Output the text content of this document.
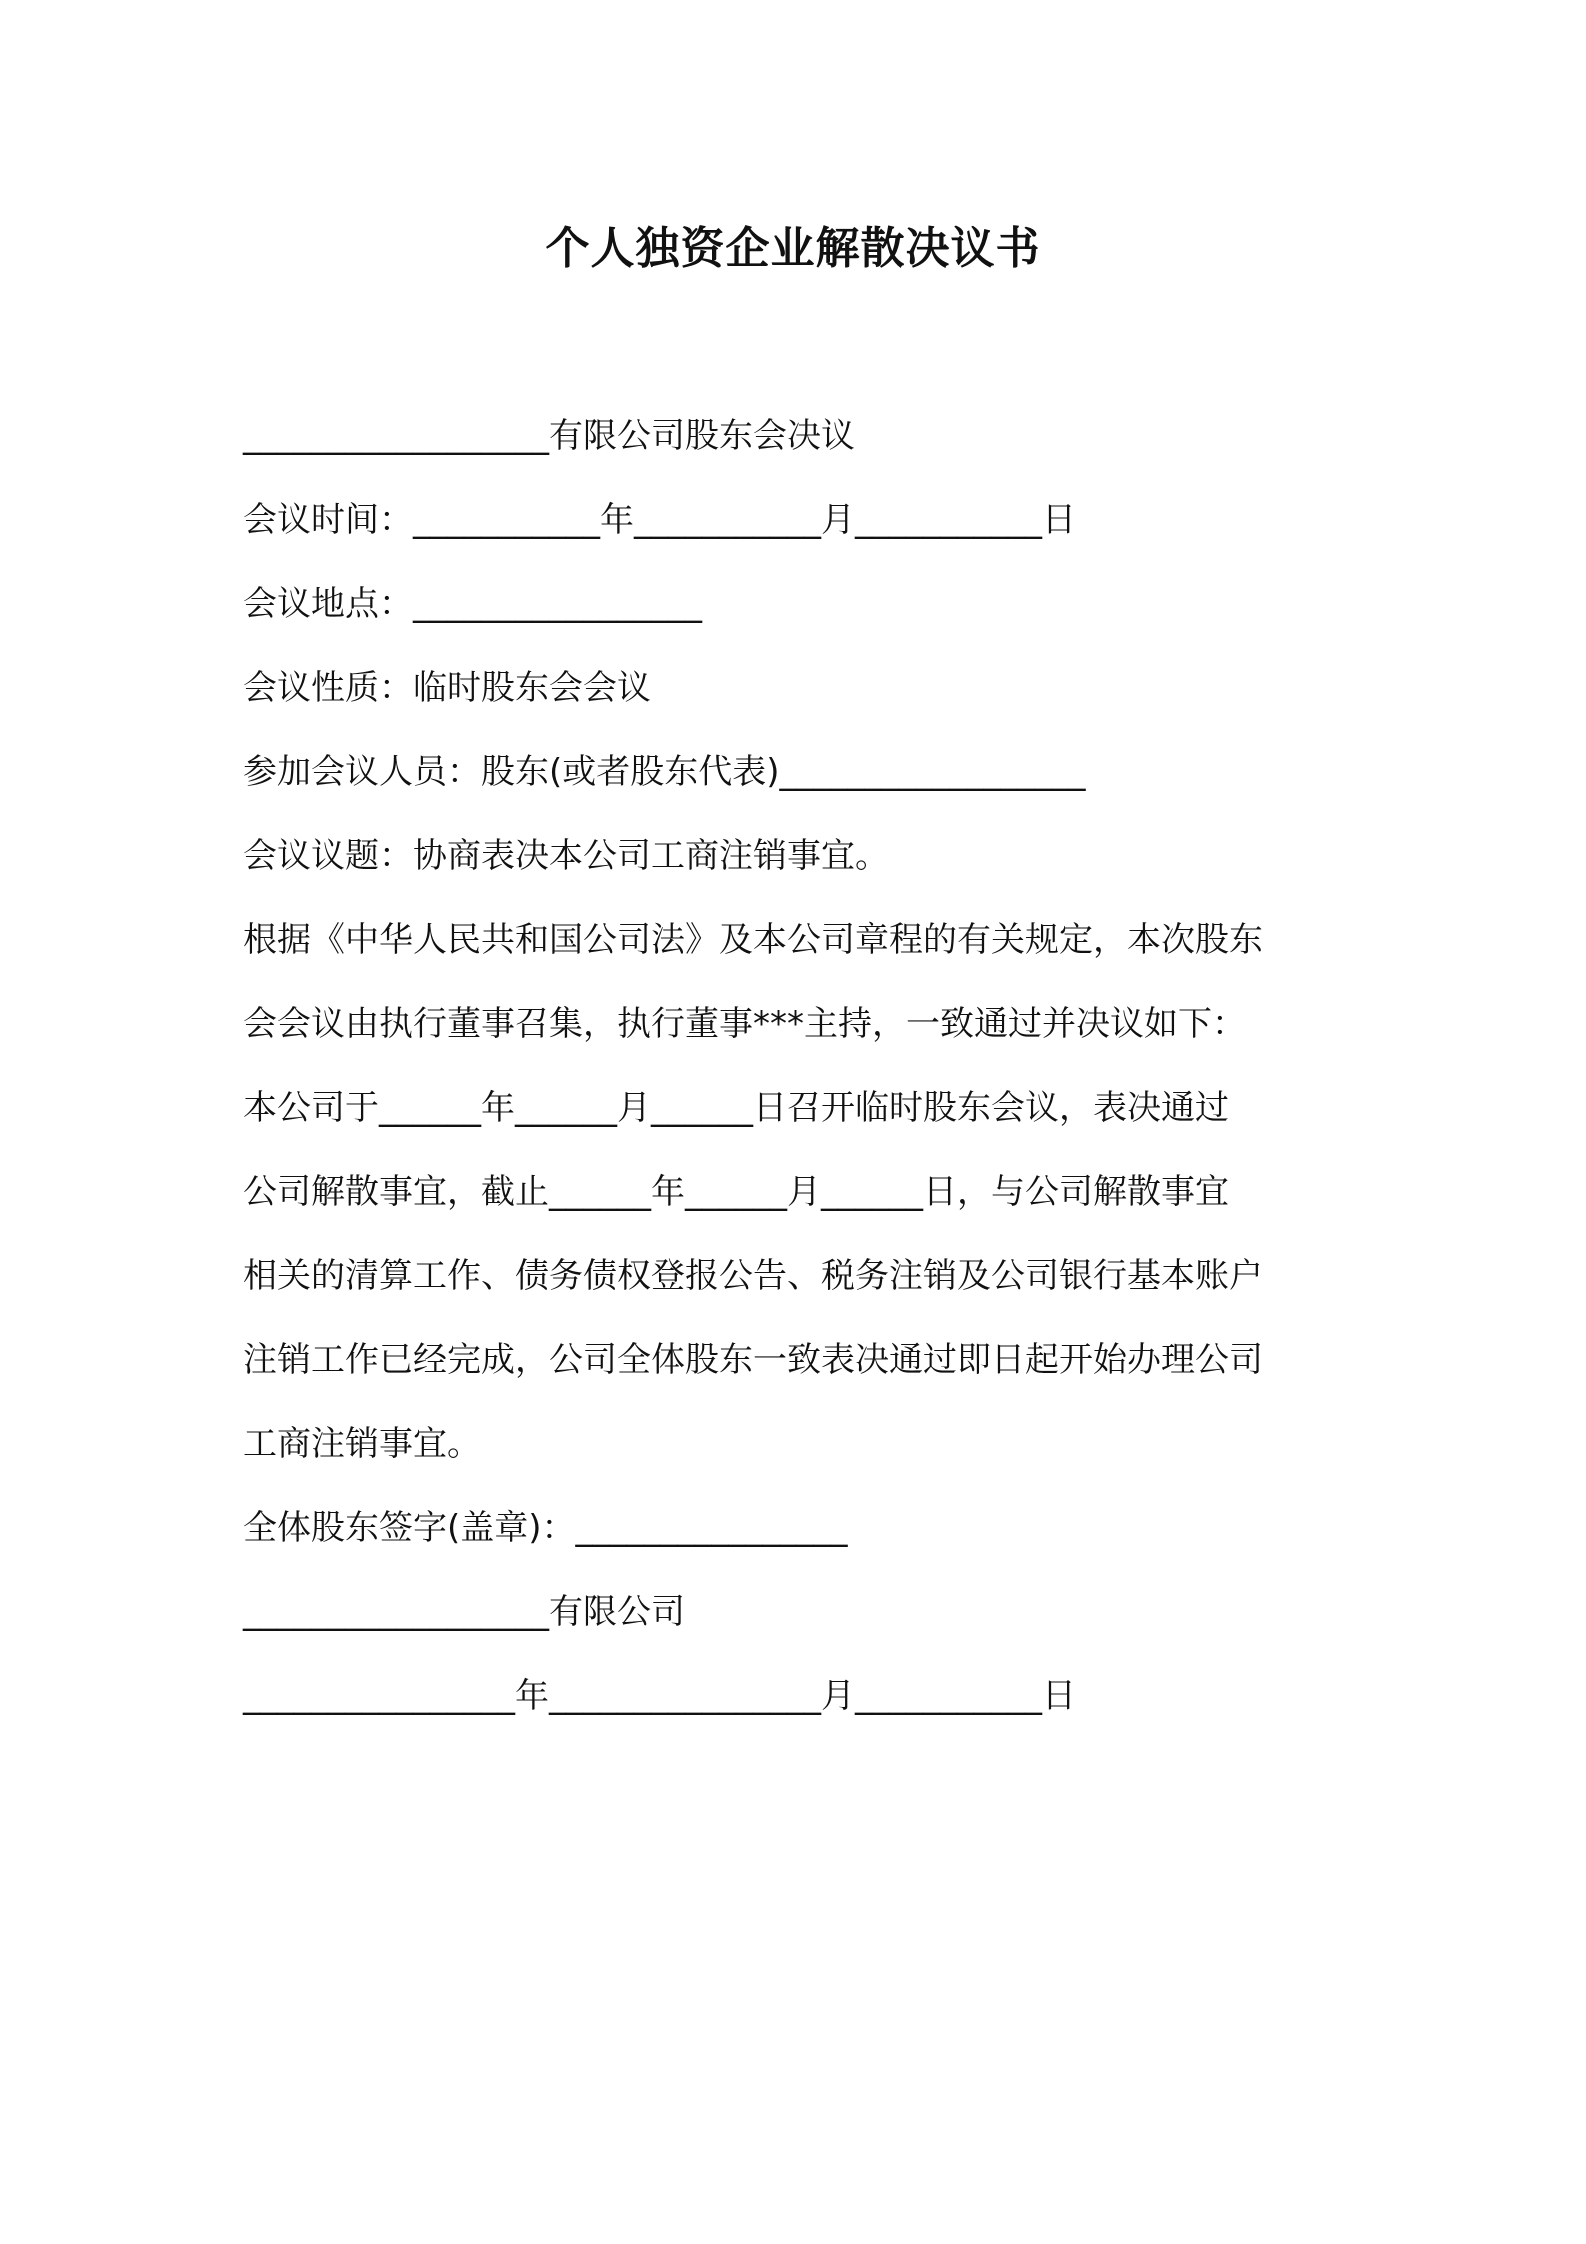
个人独资企业解散决议书
__________________有限公司股东会决议
会议时间：___________年___________月___________日
会议地点：_________________
会议性质：临时股东会会议
参加会议人员：股东(或者股东代表)__________________
会议议题：协商表决本公司工商注销事宜。
根据《中华人民共和国公司法》及本公司章程的有关规定，本次股东
会会议由执行董事召集，执行董事***主持，一致通过并决议如下：
本公司于______年______月______日召开临时股东会议，表决通过
公司解散事宜，截止______年______月______日，与公司解散事宜
相关的清算工作、债务债权登报公告、税务注销及公司银行基本账户
注销工作已经完成，公司全体股东一致表决通过即日起开始办理公司
工商注销事宜。
全体股东签字(盖章)：________________
__________________有限公司
________________年________________月___________日
